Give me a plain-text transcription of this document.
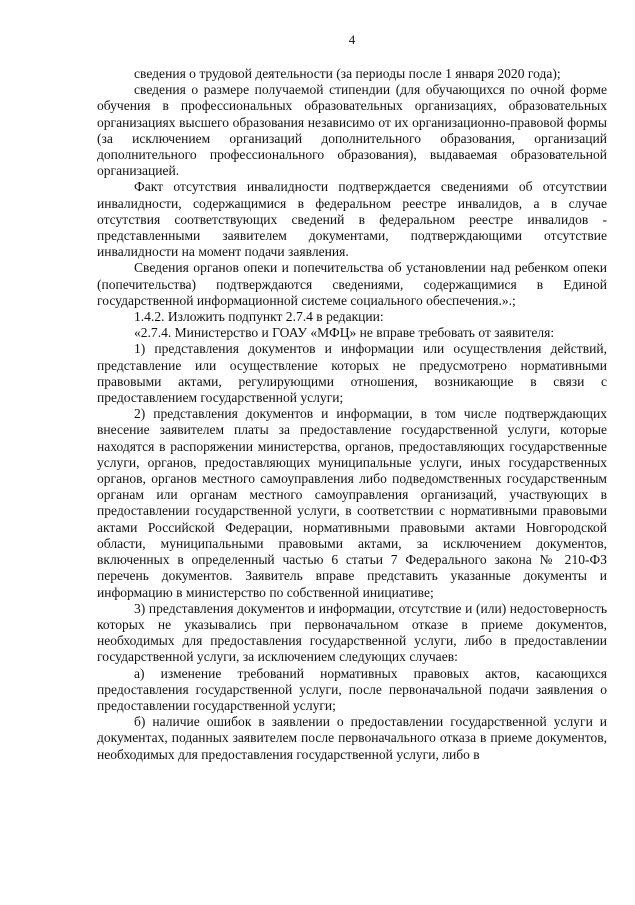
4

сведения о трудовой деятельности (за периоды после 1 января 2020 года);

сведения о размере получаемой стипендии (для обучающихся по очной форме обучения в профессиональных образовательных организациях, образовательных организациях высшего образования независимо от их организационно-правовой формы (за исключением организаций дополнительного образования, организаций дополнительного профессионального образования), выдаваемая образовательной организацией.

Факт отсутствия инвалидности подтверждается сведениями об отсутствии инвалидности, содержащимися в федеральном реестре инвалидов, а в случае отсутствия соответствующих сведений в федеральном реестре инвалидов - представленными заявителем документами, подтверждающими отсутствие инвалидности на момент подачи заявления.

Сведения органов опеки и попечительства об установлении над ребенком опеки (попечительства) подтверждаются сведениями, содержащимися в Единой государственной информационной системе социального обеспечения.».;

1.4.2. Изложить подпункт 2.7.4 в редакции:

«2.7.4. Министерство и ГОАУ «МФЦ» не вправе требовать от заявителя:

1) представления документов и информации или осуществления действий, представление или осуществление которых не предусмотрено нормативными правовыми актами, регулирующими отношения, возникающие в связи с предоставлением государственной услуги;

2) представления документов и информации, в том числе подтверждающих внесение заявителем платы за предоставление государственной услуги, которые находятся в распоряжении министерства, органов, предоставляющих государственные услуги, органов, предоставляющих муниципальные услуги, иных государственных органов, органов местного самоуправления либо подведомственных государственным органам или органам местного самоуправления организаций, участвующих в предоставлении государственной услуги, в соответствии с нормативными правовыми актами Российской Федерации, нормативными правовыми актами Новгородской области, муниципальными правовыми актами, за исключением документов, включенных в определенный частью 6 статьи 7 Федерального закона № 210-ФЗ перечень документов. Заявитель вправе представить указанные документы и информацию в министерство по собственной инициативе;

3) представления документов и информации, отсутствие и (или) недостоверность которых не указывались при первоначальном отказе в приеме документов, необходимых для предоставления государственной услуги, либо в предоставлении государственной услуги, за исключением следующих случаев:

а) изменение требований нормативных правовых актов, касающихся предоставления государственной услуги, после первоначальной подачи заявления о предоставлении государственной услуги;

б) наличие ошибок в заявлении о предоставлении государственной услуги и документах, поданных заявителем после первоначального отказа в приеме документов, необходимых для предоставления государственной услуги, либо в
